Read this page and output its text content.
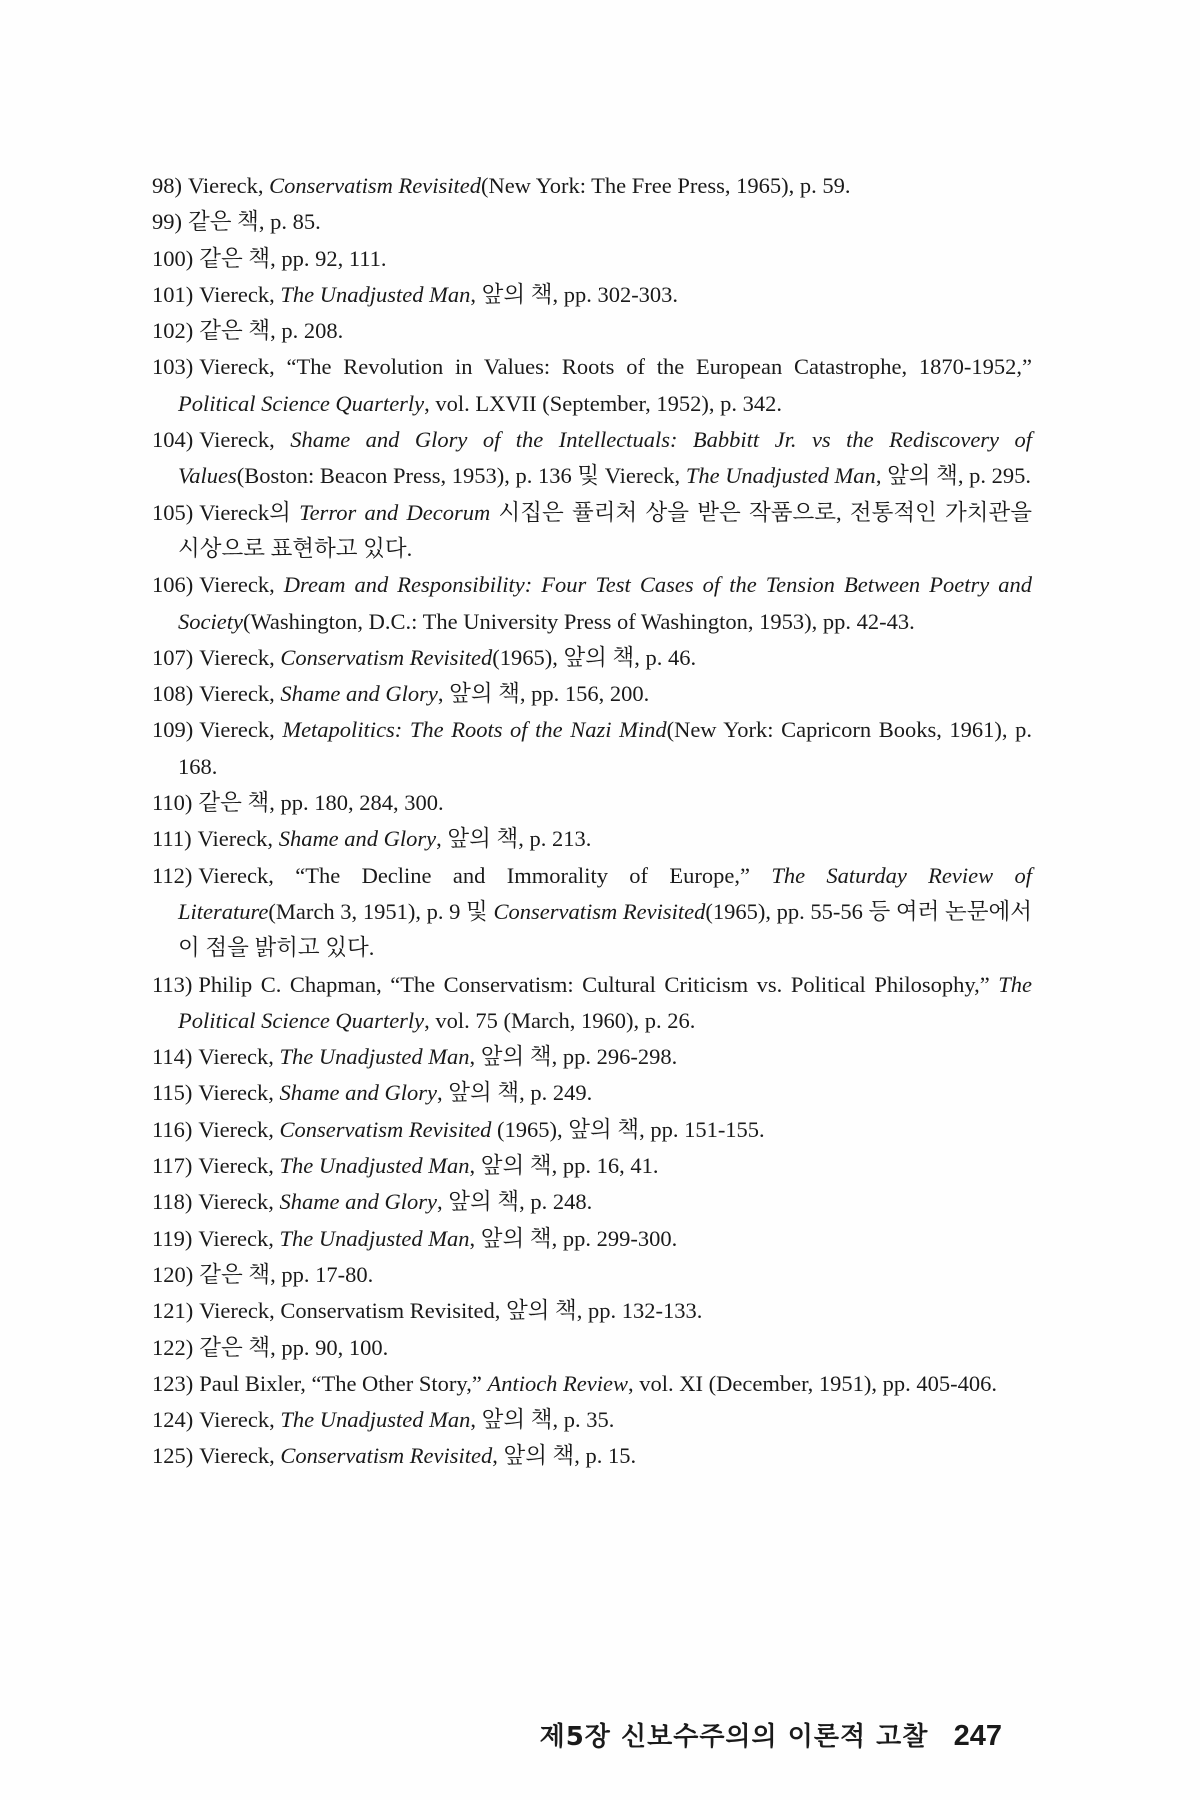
98) Viereck, Conservatism Revisited(New York: The Free Press, 1965), p. 59.
99) 같은 책, p. 85.
100) 같은 책, pp. 92, 111.
101) Viereck, The Unadjusted Man, 앞의 책, pp. 302-303.
102) 같은 책, p. 208.
103) Viereck, “The Revolution in Values: Roots of the European Catastrophe, 1870-1952,” Political Science Quarterly, vol. LXVII (September, 1952), p. 342.
104) Viereck, Shame and Glory of the Intellectuals: Babbitt Jr. vs the Rediscovery of Values(Boston: Beacon Press, 1953), p. 136 및 Viereck, The Unadjusted Man, 앞의 책, p. 295.
105) Viereck의 Terror and Decorum 시집은 퓰리처 상을 받은 작품으로, 전통적인 가치관을 시상으로 표현하고 있다.
106) Viereck, Dream and Responsibility: Four Test Cases of the Tension Between Poetry and Society(Washington, D.C.: The University Press of Washington, 1953), pp. 42-43.
107) Viereck, Conservatism Revisited(1965), 앞의 책, p. 46.
108) Viereck, Shame and Glory, 앞의 책, pp. 156, 200.
109) Viereck, Metapolitics: The Roots of the Nazi Mind(New York: Capricorn Books, 1961), p. 168.
110) 같은 책, pp. 180, 284, 300.
111) Viereck, Shame and Glory, 앞의 책, p. 213.
112) Viereck, “The Decline and Immorality of Europe,” The Saturday Review of Literature(March 3, 1951), p. 9 및 Conservatism Revisited(1965), pp. 55-56 등 여러 논문에서 이 점을 밝히고 있다.
113) Philip C. Chapman, “The Conservatism: Cultural Criticism vs. Political Philosophy,” The Political Science Quarterly, vol. 75 (March, 1960), p. 26.
114) Viereck, The Unadjusted Man, 앞의 책, pp. 296-298.
115) Viereck, Shame and Glory, 앞의 책, p. 249.
116) Viereck, Conservatism Revisited (1965), 앞의 책, pp. 151-155.
117) Viereck, The Unadjusted Man, 앞의 책, pp. 16, 41.
118) Viereck, Shame and Glory, 앞의 책, p. 248.
119) Viereck, The Unadjusted Man, 앞의 책, pp. 299-300.
120) 같은 책, pp. 17-80.
121) Viereck, Conservatism Revisited, 앞의 책, pp. 132-133.
122) 같은 책, pp. 90, 100.
123) Paul Bixler, “The Other Story,” Antioch Review, vol. XI (December, 1951), pp. 405-406.
124) Viereck, The Unadjusted Man, 앞의 책, p. 35.
125) Viereck, Conservatism Revisited, 앞의 책, p. 15.
제5장 신보수주의의 이론적 고찰 247
